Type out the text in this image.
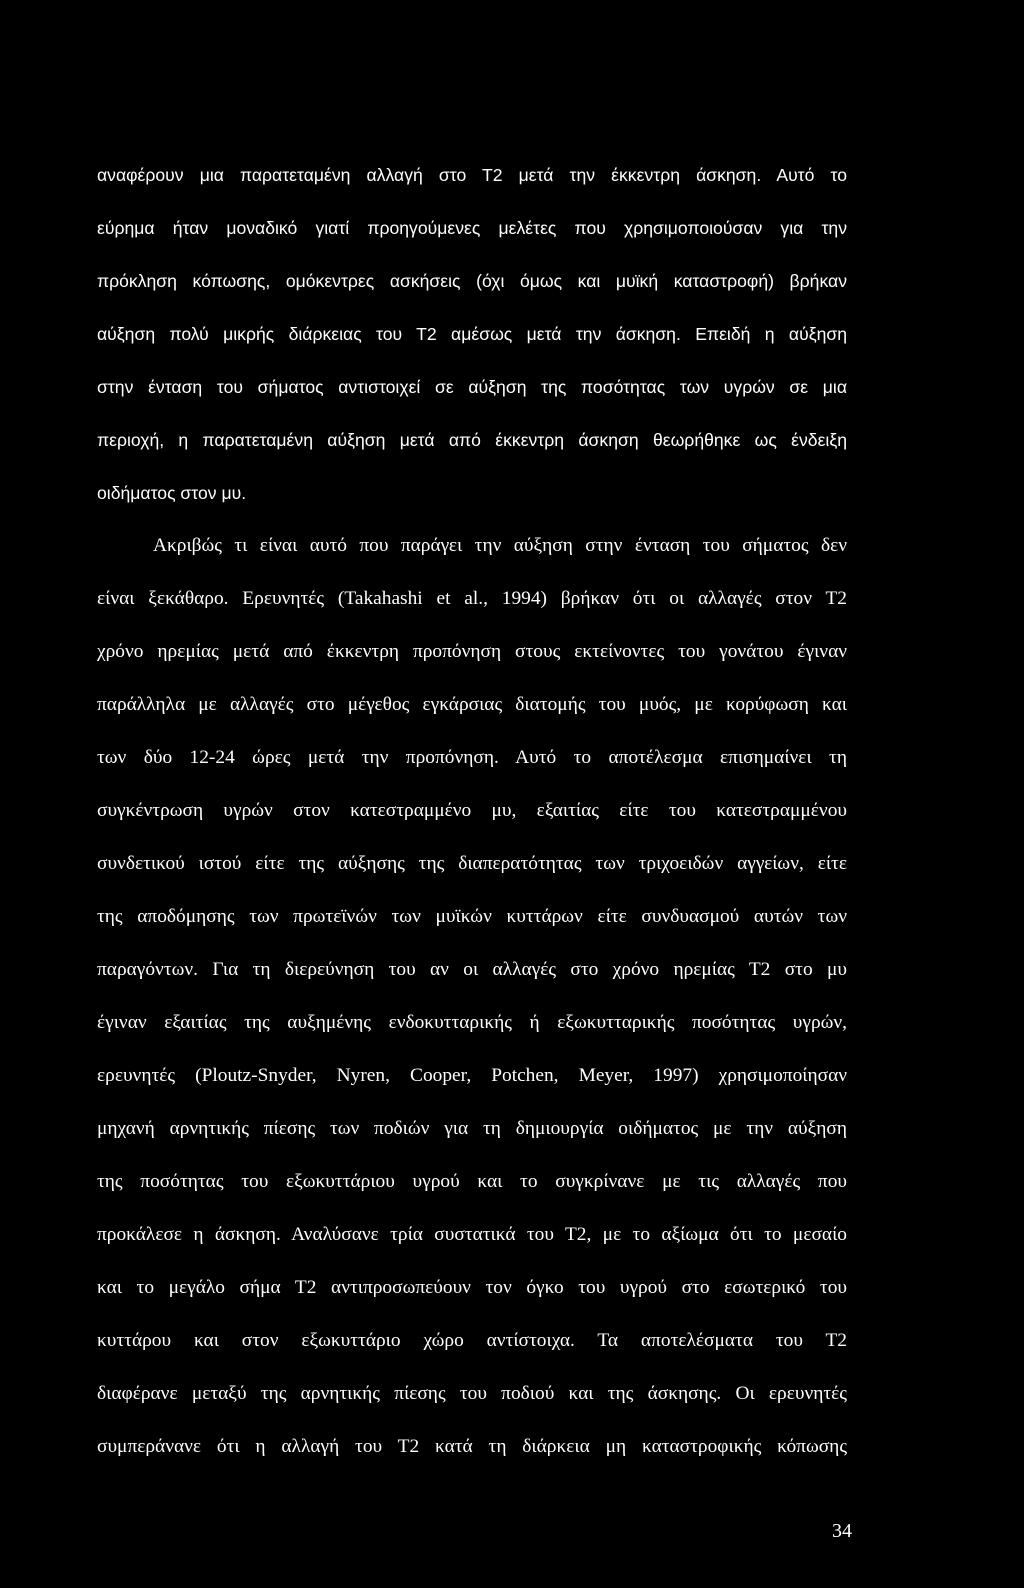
αναφέρουν μια παρατεταμένη αλλαγή στο Τ2 μετά την έκκεντρη άσκηση. Αυτό το
εύρημα ήταν μοναδικό γιατί προηγούμενες μελέτες που χρησιμοποιούσαν για την
πρόκληση κόπωσης, ομόκεντρες ασκήσεις (όχι όμως και μυϊκή καταστροφή) βρήκαν
αύξηση πολύ μικρής διάρκειας του Τ2 αμέσως μετά την άσκηση. Επειδή η αύξηση
στην ένταση του σήματος αντιστοιχεί σε αύξηση της ποσότητας των υγρών σε μια
περιοχή, η παρατεταμένη αύξηση μετά από έκκεντρη άσκηση θεωρήθηκε ως ένδειξη
οιδήματος στον μυ.
Ακριβώς τι είναι αυτό που παράγει την αύξηση στην ένταση του σήματος δεν
είναι ξεκάθαρο. Ερευνητές (Takahashi et al., 1994) βρήκαν ότι οι αλλαγές στον Τ2
χρόνο ηρεμίας μετά από έκκεντρη προπόνηση στους εκτείνοντες του γονάτου έγιναν
παράλληλα με αλλαγές στο μέγεθος εγκάρσιας διατομής του μυός, με κορύφωση και
των δύο 12-24 ώρες μετά την προπόνηση. Αυτό το αποτέλεσμα επισημαίνει τη
συγκέντρωση υγρών στον κατεστραμμένο μυ, εξαιτίας είτε του κατεστραμμένου
συνδετικού ιστού είτε της αύξησης της διαπερατότητας των τριχοειδών αγγείων, είτε
της αποδόμησης των πρωτεϊνών των μυϊκών κυττάρων είτε συνδυασμού αυτών των
παραγόντων. Για τη διερεύνηση του αν οι αλλαγές στο χρόνο ηρεμίας Τ2 στο μυ
έγιναν εξαιτίας της αυξημένης ενδοκυτταρικής ή εξωκυτταρικής ποσότητας υγρών,
ερευνητές (Ploutz-Snyder, Nyren, Cooper, Potchen, Meyer, 1997) χρησιμοποίησαν
μηχανή αρνητικής πίεσης των ποδιών για τη δημιουργία οιδήματος με την αύξηση
της ποσότητας του εξωκυττάριου υγρού και το συγκρίνανε με τις αλλαγές που
προκάλεσε η άσκηση. Αναλύσανε τρία συστατικά του Τ2, με το αξίωμα ότι το μεσαίο
και το μεγάλο σήμα Τ2 αντιπροσωπεύουν τον όγκο του υγρού στο εσωτερικό του
κυττάρου και στον εξωκυττάριο χώρο αντίστοιχα. Τα αποτελέσματα του Τ2
διαφέρανε μεταξύ της αρνητικής πίεσης του ποδιού και της άσκησης. Οι ερευνητές
συμπεράνανε ότι η αλλαγή του Τ2 κατά τη διάρκεια μη καταστροφικής κόπωσης
34
